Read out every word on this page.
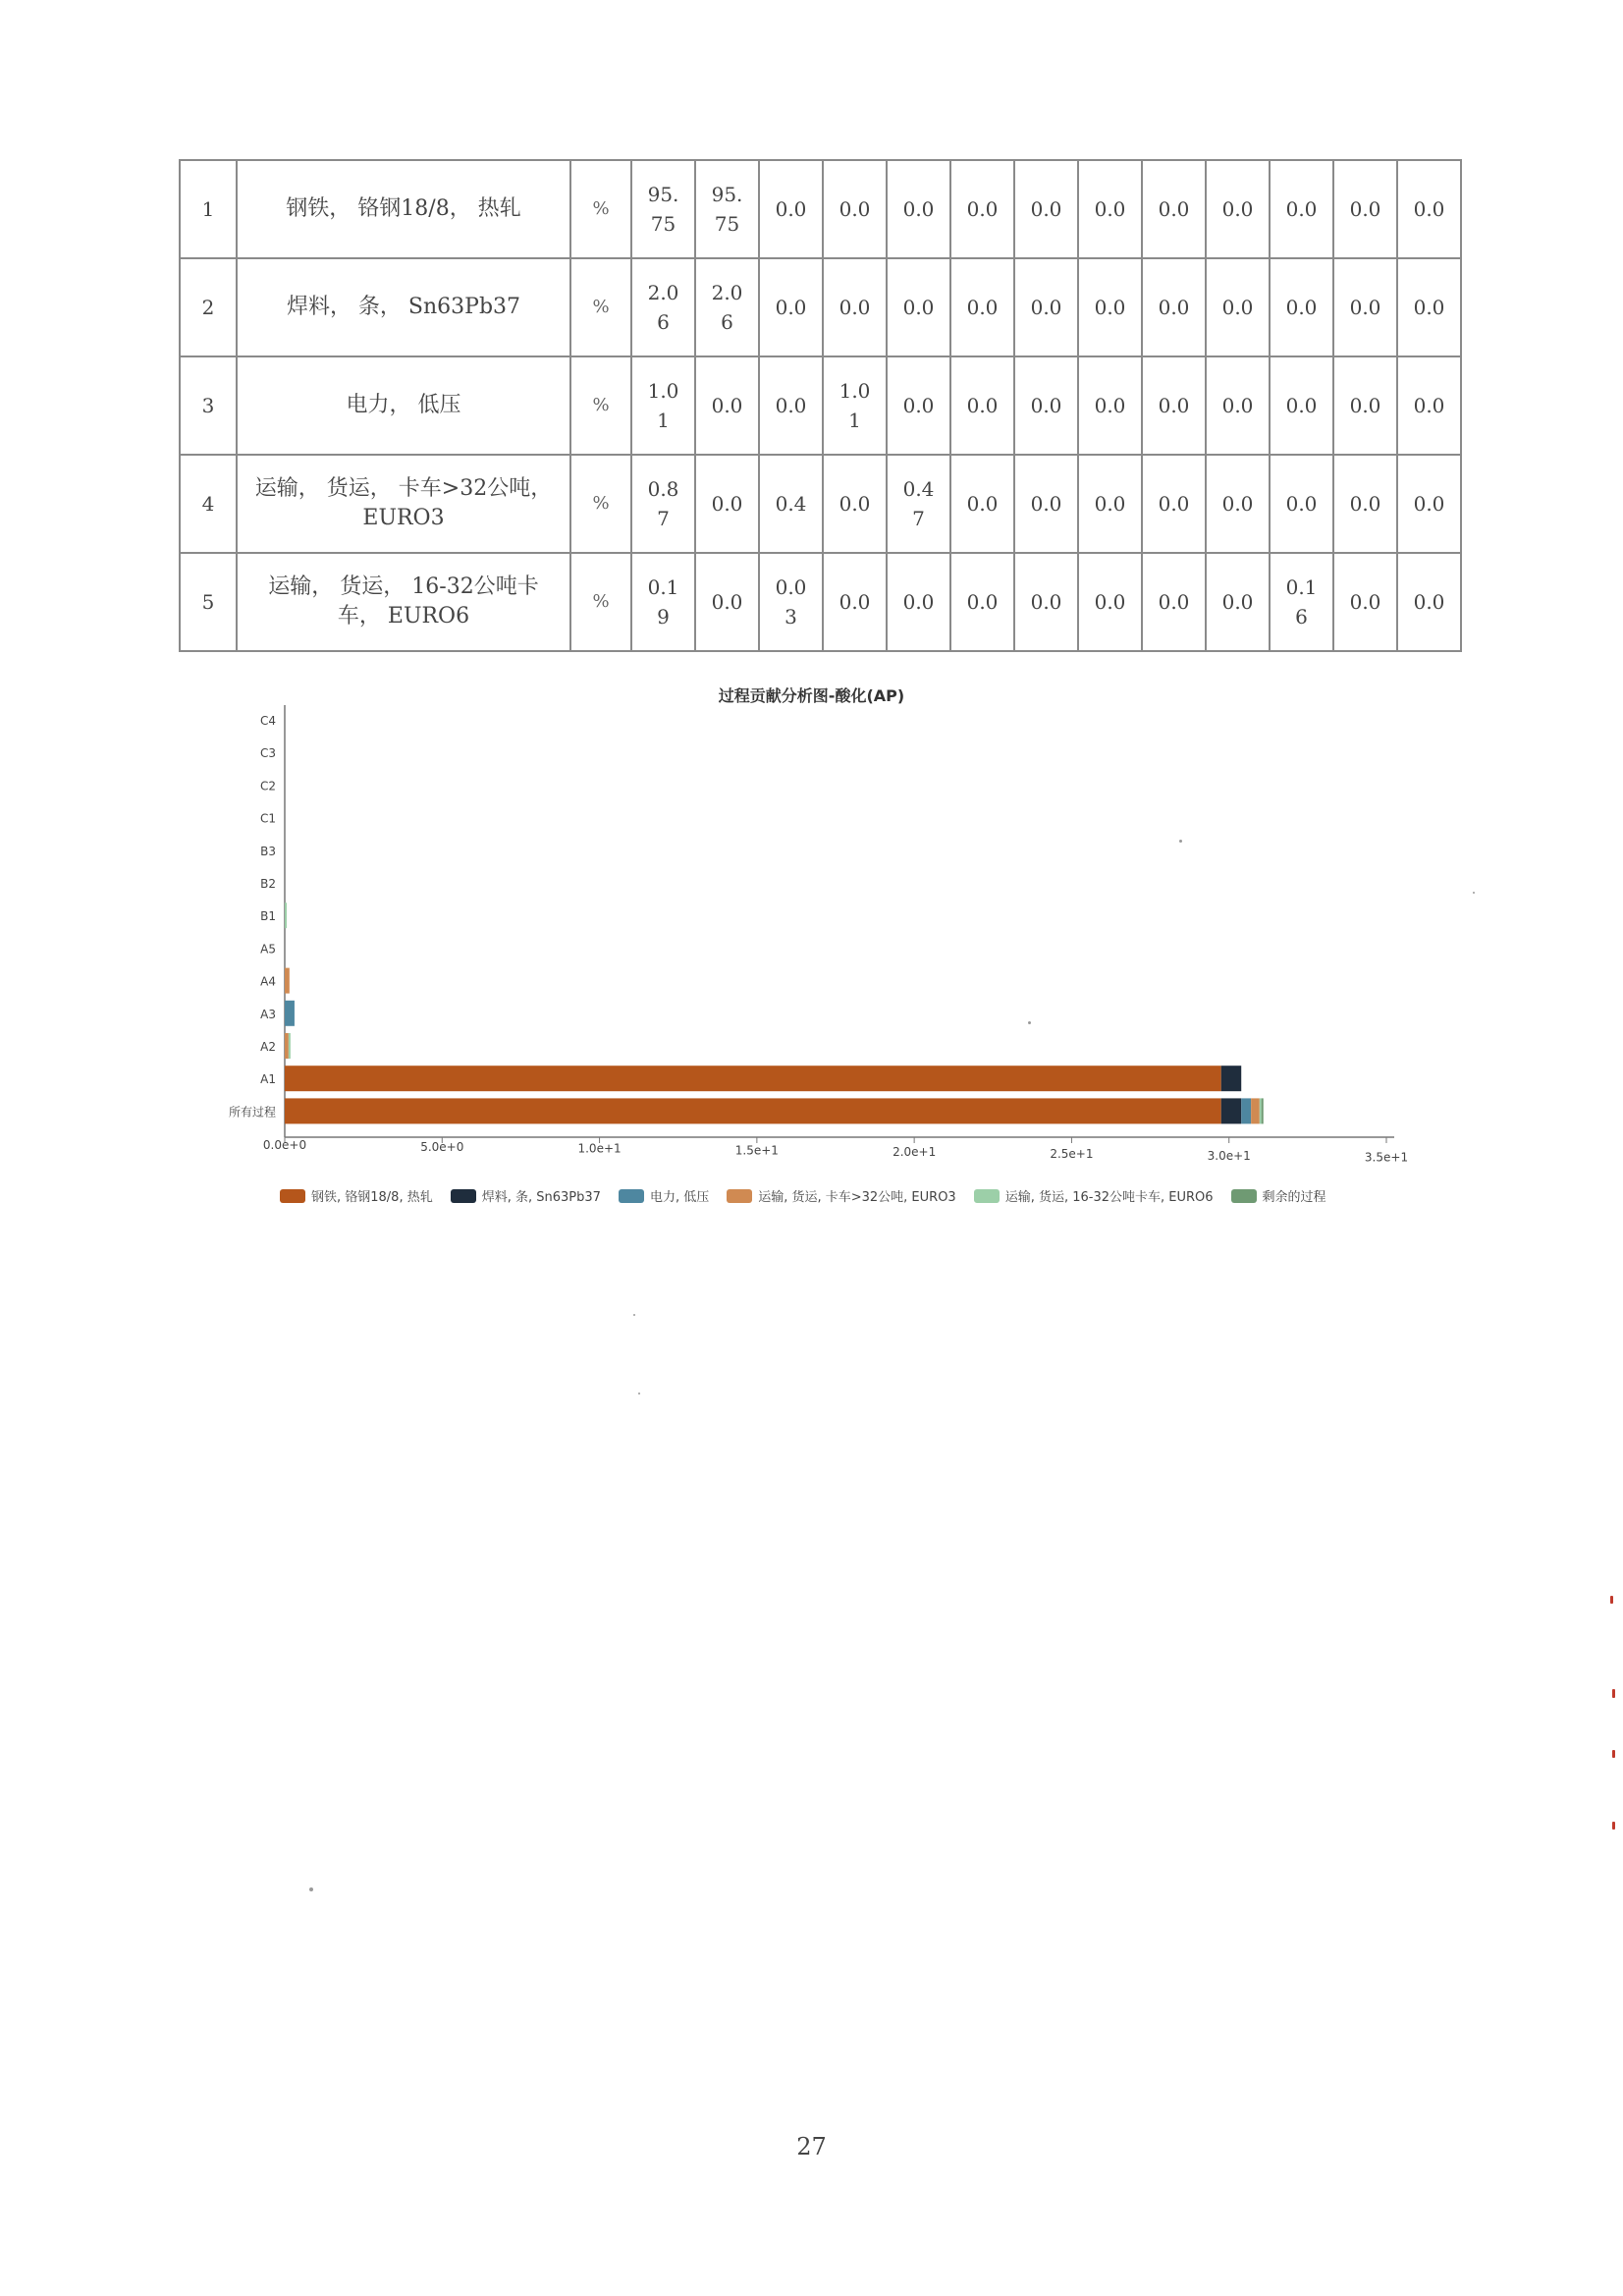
1	钢铁， 铬钢18/8， 热轧	%	95.75	95.75	0.0	0.0	0.0	0.0	0.0	0.0	0.0	0.0	0.0	0.0	0.0
2	焊料， 条， Sn63Pb37	%	2.06	2.06	0.0	0.0	0.0	0.0	0.0	0.0	0.0	0.0	0.0	0.0	0.0
3	电力， 低压	%	1.01	0.0	0.0	1.01	0.0	0.0	0.0	0.0	0.0	0.0	0.0	0.0	0.0
4	运输， 货运， 卡车>32公吨， EURO3	%	0.87	0.0	0.4	0.0	0.47	0.0	0.0	0.0	0.0	0.0	0.0	0.0	0.0
5	运输， 货运， 16-32公吨卡车， EURO6	%	0.19	0.0	0.03	0.0	0.0	0.0	0.0	0.0	0.0	0.0	0.16	0.0	0.0
过程贡献分析图-酸化(AP)
C4
C3
C2
C1
B3
B2
B1
A5
A4
A3
A2
A1
所有过程
0.0e+0	5.0e+0	1.0e+1	1.5e+1	2.0e+1	2.5e+1	3.0e+1	3.5e+1
钢铁, 铬钢18/8, 热轧	焊料, 条, Sn63Pb37	电力, 低压	运输, 货运, 卡车>32公吨, EURO3	运输, 货运, 16-32公吨卡车, EURO6	剩余的过程
27
